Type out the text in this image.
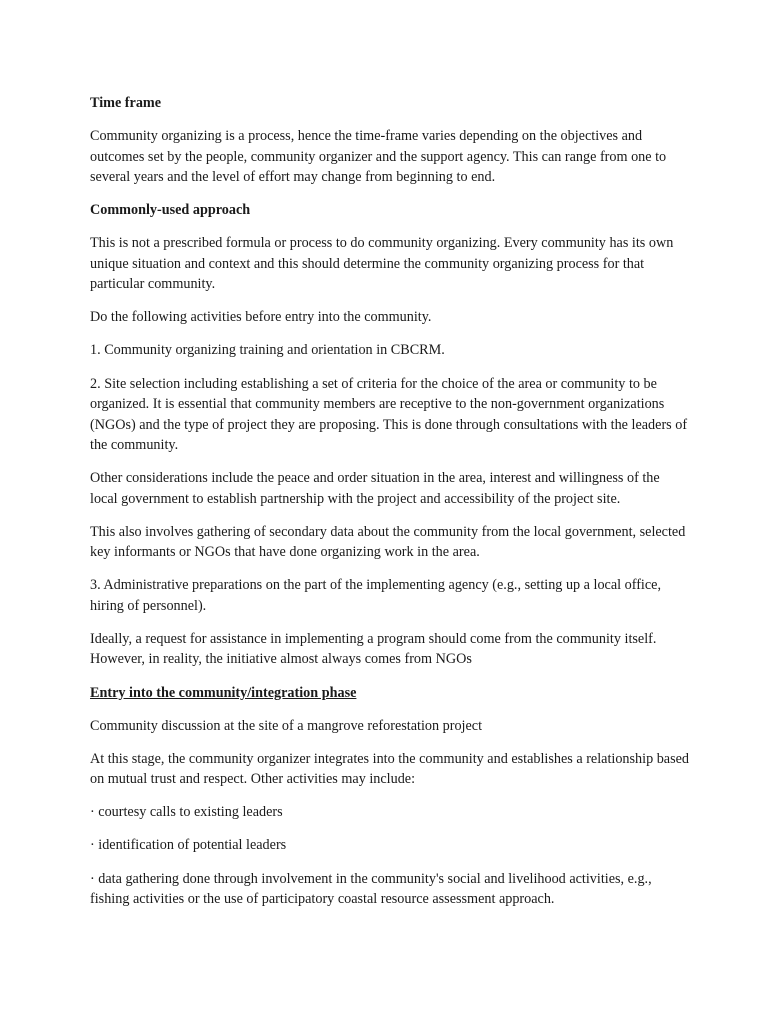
Time frame

Community organizing is a process, hence the time-frame varies depending on the objectives and outcomes set by the people, community organizer and the support agency. This can range from one to several years and the level of effort may change from beginning to end.

Commonly-used approach

This is not a prescribed formula or process to do community organizing. Every community has its own unique situation and context and this should determine the community organizing process for that particular community.

Do the following activities before entry into the community.

1. Community organizing training and orientation in CBCRM.

2. Site selection including establishing a set of criteria for the choice of the area or community to be organized. It is essential that community members are receptive to the non-government organizations (NGOs) and the type of project they are proposing. This is done through consultations with the leaders of the community.

Other considerations include the peace and order situation in the area, interest and willingness of the local government to establish partnership with the project and accessibility of the project site.

This also involves gathering of secondary data about the community from the local government, selected key informants or NGOs that have done organizing work in the area.

3. Administrative preparations on the part of the implementing agency (e.g., setting up a local office, hiring of personnel).

Ideally, a request for assistance in implementing a program should come from the community itself. However, in reality, the initiative almost always comes from NGOs

Entry into the community/integration phase

Community discussion at the site of a mangrove reforestation project

At this stage, the community organizer integrates into the community and establishes a relationship based on mutual trust and respect. Other activities may include:

· courtesy calls to existing leaders

· identification of potential leaders

· data gathering done through involvement in the community's social and livelihood activities, e.g., fishing activities or the use of participatory coastal resource assessment approach.
